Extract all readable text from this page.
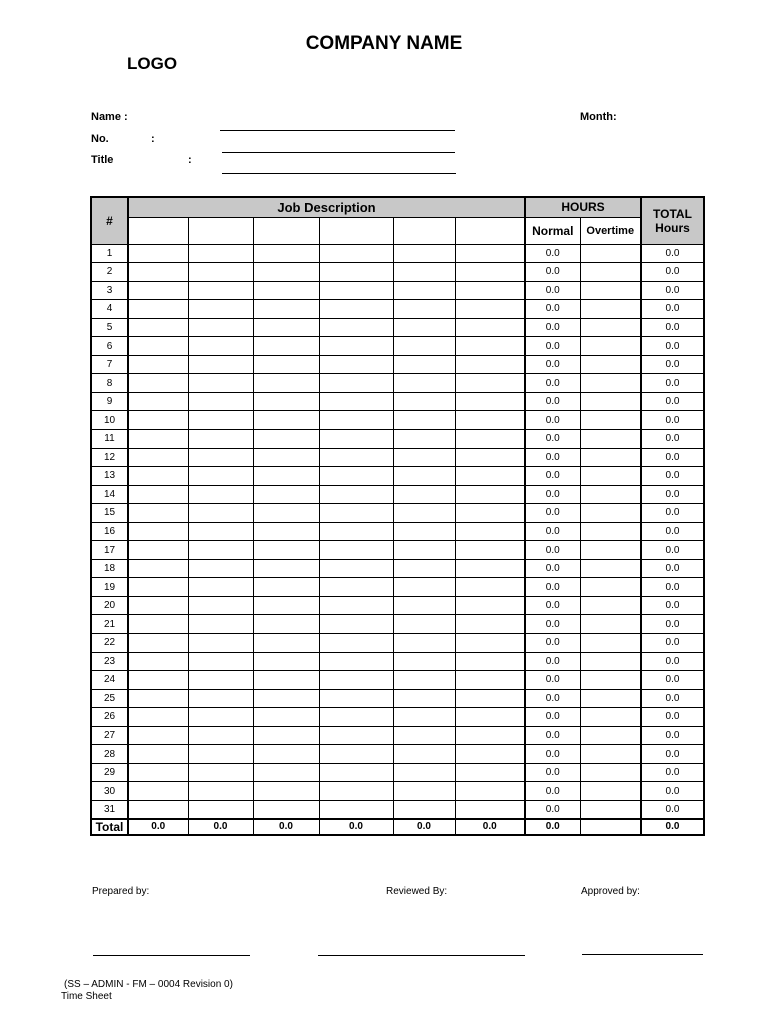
COMPANY NAME
LOGO
Name :
No.	:
Title	:
Month:
#	Job Description						HOURS		TOTAL
Hours
							Normal	Overtime	
1							0.0		0.0
2							0.0		0.0
3							0.0		0.0
4							0.0		0.0
5							0.0		0.0
6							0.0		0.0
7							0.0		0.0
8							0.0		0.0
9							0.0		0.0
10							0.0		0.0
11							0.0		0.0
12							0.0		0.0
13							0.0		0.0
14							0.0		0.0
15							0.0		0.0
16							0.0		0.0
17							0.0		0.0
18							0.0		0.0
19							0.0		0.0
20							0.0		0.0
21							0.0		0.0
22							0.0		0.0
23							0.0		0.0
24							0.0		0.0
25							0.0		0.0
26							0.0		0.0
27							0.0		0.0
28							0.0		0.0
29							0.0		0.0
30							0.0		0.0
31							0.0		0.0
Total	0.0	0.0	0.0	0.0	0.0	0.0	0.0		0.0
Prepared by:	Reviewed By:	Approved by:
(SS – ADMIN - FM – 0004 Revision 0)
Time Sheet
